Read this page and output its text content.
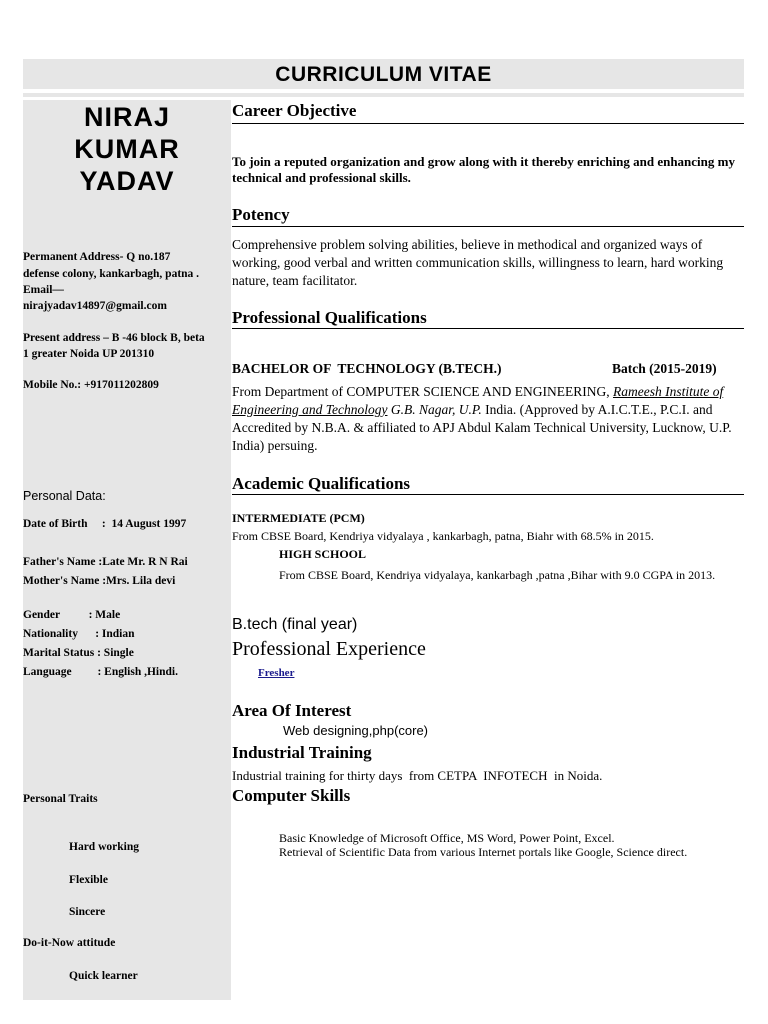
CURRICULUM VITAE
NIRAJ
KUMAR
YADAV
Permanent Address- Q no.187
defense colony, kankarbagh, patna .
Email—
nirajyadav14897@gmail.com
Present address – B -46 block B, beta
1 greater Noida UP 201310
Mobile No.: +917011202809
Personal Data:
Date of Birth     :  14 August 1997
Father's Name :Late Mr. R N Rai
Mother's Name :Mrs. Lila devi
Gender          : Male
Nationality      : Indian
Marital Status : Single
Language         : English ,Hindi.
Personal Traits
Hard working
Flexible
Sincere
Do-it-Now attitude
Quick learner
Career Objective
To join a reputed organization and grow along with it thereby enriching and enhancing my technical and professional skills.
Potency
Comprehensive problem solving abilities, believe in methodical and organized ways of working, good verbal and written communication skills, willingness to learn, hard working nature, team facilitator.
Professional Qualifications
BACHELOR OF  TECHNOLOGY (B.TECH.)	Batch (2015-2019)
From Department of COMPUTER SCIENCE AND ENGINEERING, Rameesh Institute of Engineering and Technology G.B. Nagar, U.P. India. (Approved by A.I.C.T.E., P.C.I. and Accredited by N.B.A. & affiliated to APJ Abdul Kalam Technical University, Lucknow, U.P. India) persuing.
Academic Qualifications
INTERMEDIATE (PCM)
From CBSE Board, Kendriya vidyalaya , kankarbagh, patna, Biahr with 68.5% in 2015.
HIGH SCHOOL
From CBSE Board, Kendriya vidyalaya, kankarbagh ,patna ,Bihar with 9.0 CGPA in 2013.
B.tech (final year)
Professional Experience
Fresher
Area Of Interest
Web designing,php(core)
Industrial Training
Industrial training for thirty days  from CETPA  INFOTECH  in Noida.
Computer Skills
Basic Knowledge of Microsoft Office, MS Word, Power Point, Excel.
Retrieval of Scientific Data from various Internet portals like Google, Science direct.
